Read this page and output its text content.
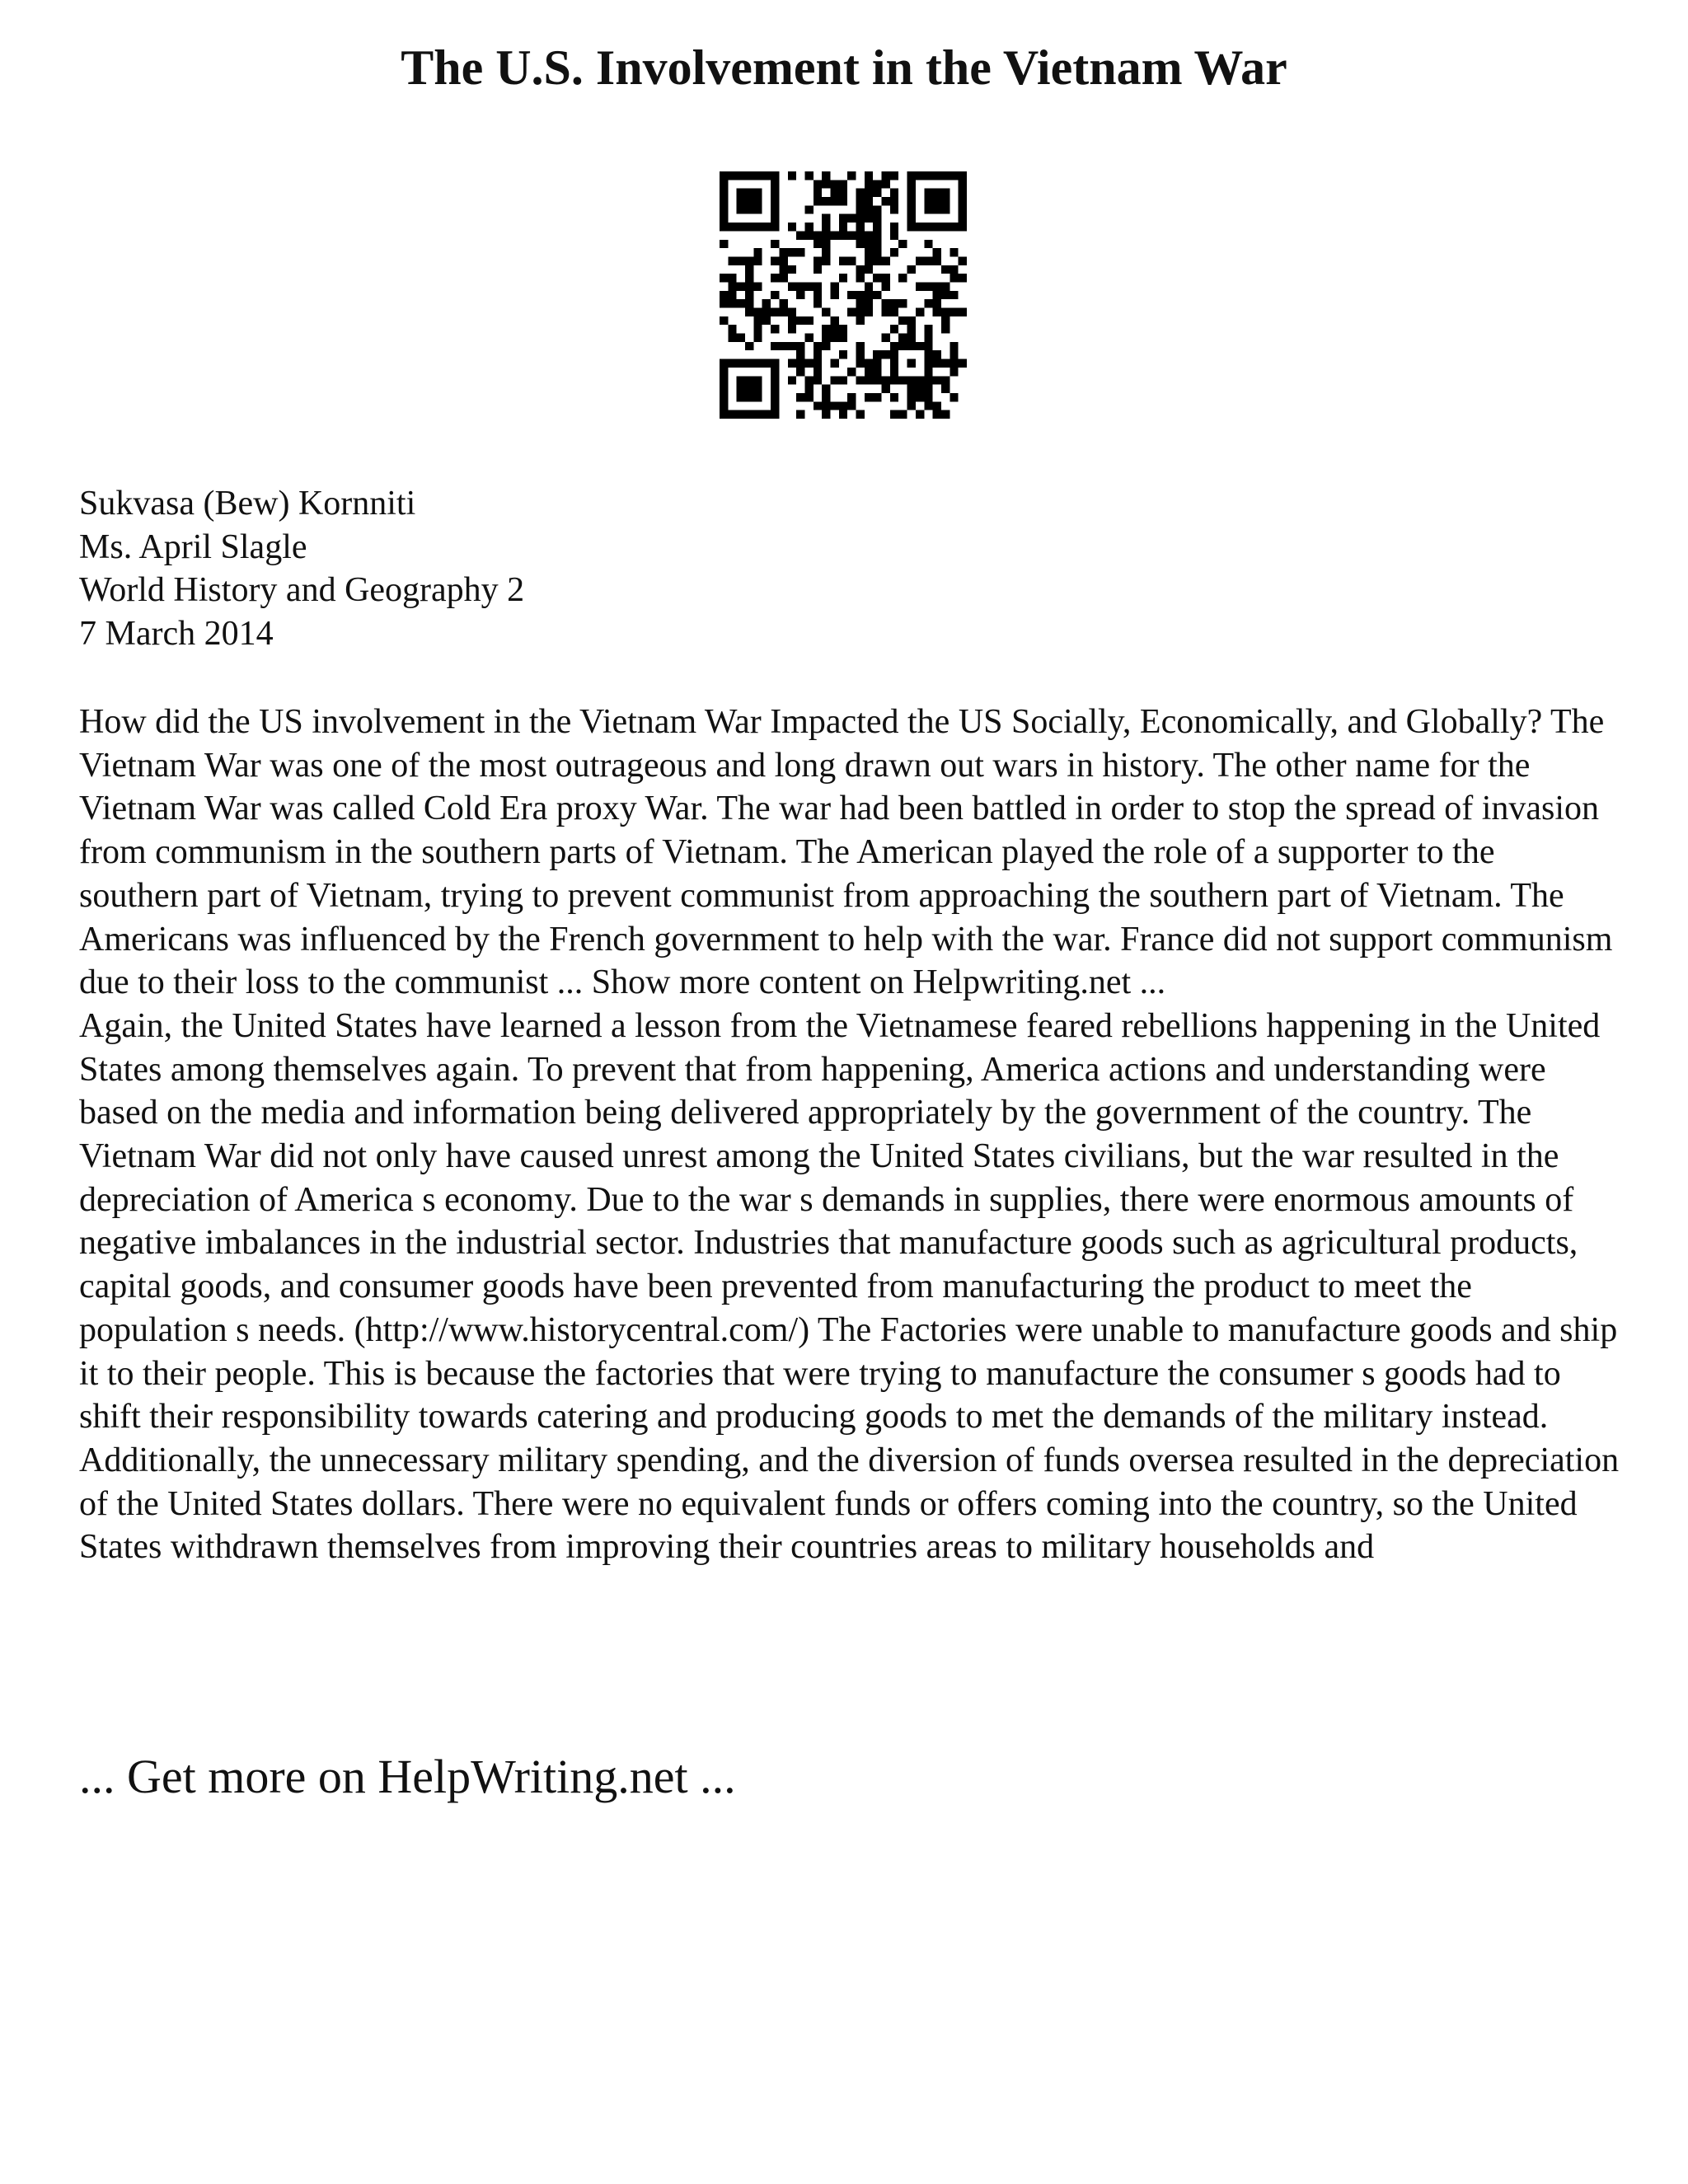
The U.S. Involvement in the Vietnam War
Sukvasa (Bew) Kornniti
Ms. April Slagle
World History and Geography 2
7 March 2014

How did the US involvement in the Vietnam War Impacted the US Socially, Economically, and Globally? The Vietnam War was one of the most outrageous and long drawn out wars in history. The other name for the Vietnam War was called Cold Era proxy War. The war had been battled in order to stop the spread of invasion from communism in the southern parts of Vietnam. The American played the role of a supporter to the southern part of Vietnam, trying to prevent communist from approaching the southern part of Vietnam. The Americans was influenced by the French government to help with the war. France did not support communism due to their loss to the communist ... Show more content on Helpwriting.net ...

Again, the United States have learned a lesson from the Vietnamese feared rebellions happening in the United States among themselves again. To prevent that from happening, America actions and understanding were based on the media and information being delivered appropriately by the government of the country. The Vietnam War did not only have caused unrest among the United States civilians, but the war resulted in the depreciation of America s economy. Due to the war s demands in supplies, there were enormous amounts of negative imbalances in the industrial sector. Industries that manufacture goods such as agricultural products, capital goods, and consumer goods have been prevented from manufacturing the product to meet the population s needs. (http://www.historycentral.com/) The Factories were unable to manufacture goods and ship it to their people. This is because the factories that were trying to manufacture the consumer s goods had to shift their responsibility towards catering and producing goods to met the demands of the military instead. Additionally, the unnecessary military spending, and the diversion of funds oversea resulted in the depreciation of the United States dollars. There were no equivalent funds or offers coming into the country, so the United States withdrawn themselves from improving their countries areas to military households and

... Get more on HelpWriting.net ...
